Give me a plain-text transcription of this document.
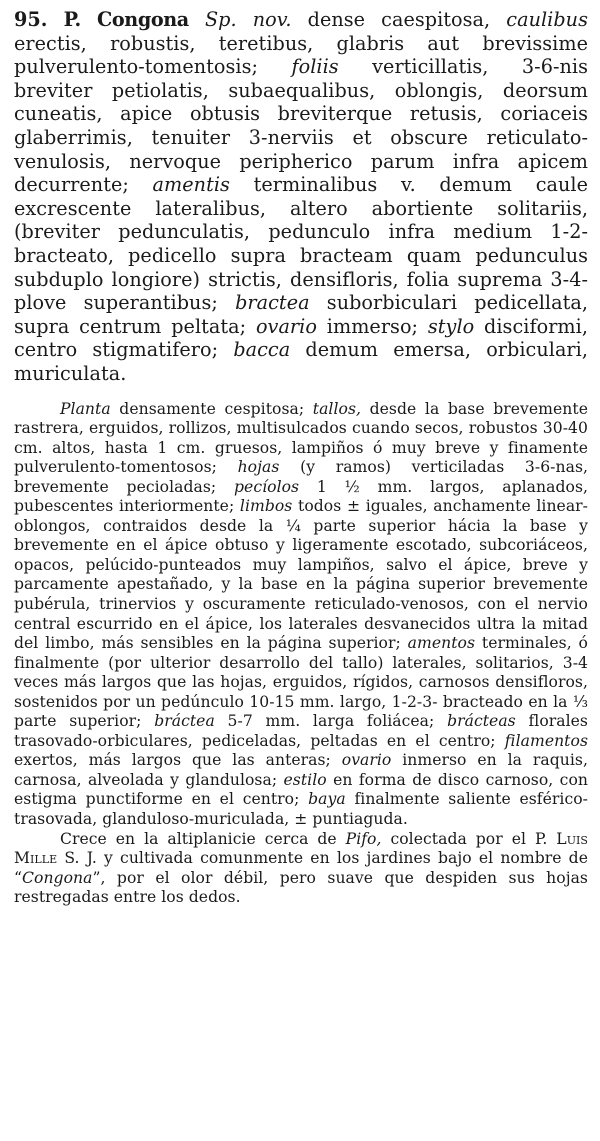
95. P. Congona Sp. nov. dense caespitosa, caulibus erectis, robustis, teretibus, glabris aut brevissime pulverulento-tomentosis; foliis verticillatis, 3-6-nis breviter petiolatis, subaequalibus, oblongis, deorsum cuneatis, apice obtusis breviterque retusis, coriaceis glaberrimis, tenuiter 3-nerviis et obscure reticulato-venulosis, nervoque peripherico parum infra apicem decurrente; amentis terminalibus v. demum caule excrescente lateralibus, altero abortiente solitariis, (breviter pedunculatis, pedunculo infra medium 1-2-bracteato, pedicello supra bracteam quam pedunculus subduplo longiore) strictis, densifloris, folia suprema 3-4-plove superantibus; bractea suborbiculari pedicellata, supra centrum peltata; ovario immerso; stylo disciformi, centro stigmatifero; bacca demum emersa, orbiculari, muriculata.

Planta densamente cespitosa; tallos, desde la base brevemente rastrera, erguidos, rollizos, multisulcados cuando secos, robustos 30-40 cm. altos, hasta 1 cm. gruesos, lampiños ó muy breve y finamente pulverulento-tomentosos; hojas (y ramos) verticiladas 3-6-nas, brevemente pecioladas; pecíolos 1 ½ mm. largos, aplanados, pubescentes interiormente; limbos todos ± iguales, anchamente linear-oblongos, contraidos desde la ¼ parte superior hácia la base y brevemente en el ápice obtuso y ligeramente escotado, subcoriáceos, opacos, pelúcido-punteados muy lampiños, salvo el ápice, breve y parcamente apestañado, y la base en la página superior brevemente pubérula, trinervios y oscuramente reticulado-venosos, con el nervio central escurrido en el ápice, los laterales desvanecidos ultra la mitad del limbo, más sensibles en la página superior; amentos terminales, ó finalmente (por ulterior desarrollo del tallo) laterales, solitarios, 3-4 veces más largos que las hojas, erguidos, rígidos, carnosos densifloros, sostenidos por un pedúnculo 10-15 mm. largo, 1-2-3- bracteado en la ⅓ parte superior; bráctea 5-7 mm. larga foliácea; brácteas florales trasovado-orbiculares, pediceladas, peltadas en el centro; filamentos exertos, más largos que las anteras; ovario inmerso en la raquis, carnosa, alveolada y glandulosa; estilo en forma de disco carnoso, con estigma punctiforme en el centro; baya finalmente saliente esférico-trasovada, glanduloso-muriculada, ± puntiaguda.

Crece en la altiplanicie cerca de Pifo, colectada por el P. Luis Mille S. J. y cultivada comunmente en los jardines bajo el nombre de “Congona”, por el olor débil, pero suave que despiden sus hojas restregadas entre los dedos.
